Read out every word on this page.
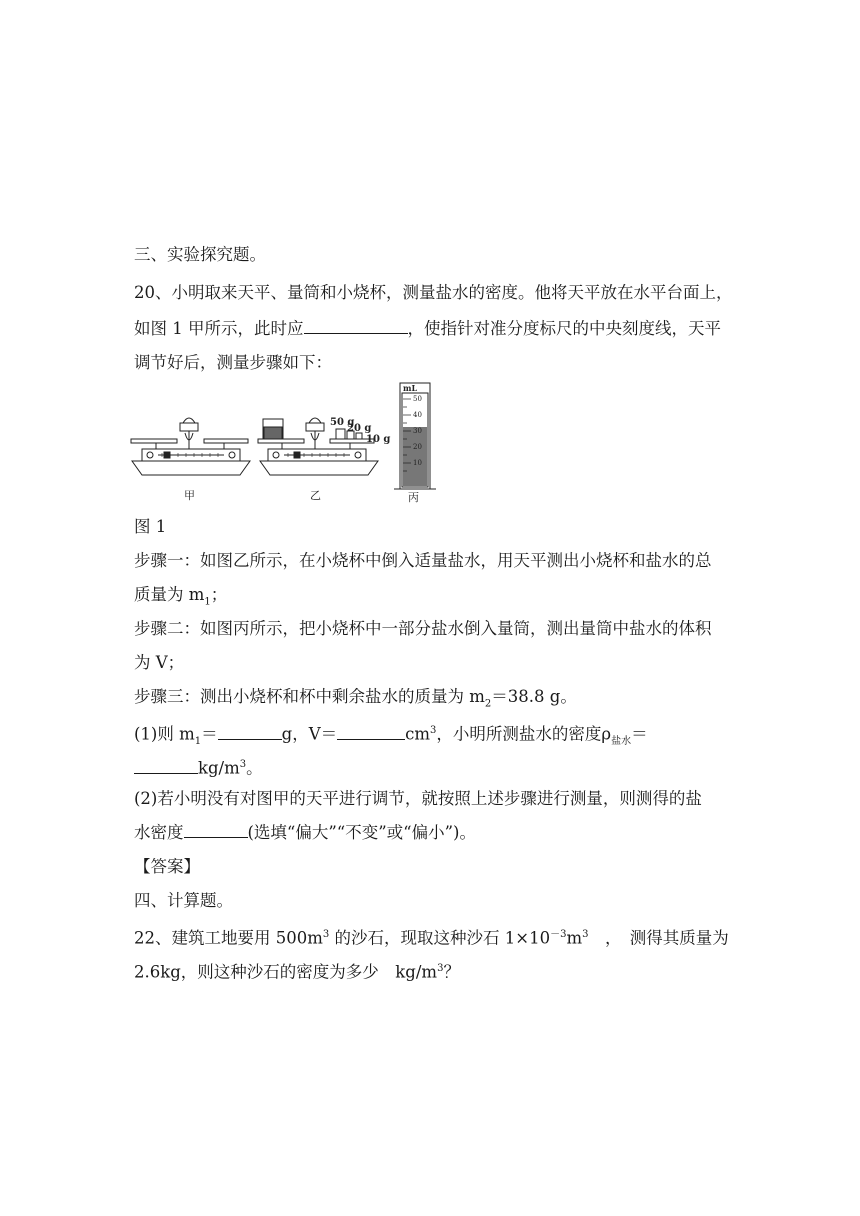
三、实验探究题。
20、小明取来天平、量筒和小烧杯，测量盐水的密度。他将天平放在水平台面上，
如图 1 甲所示，此时应	，使指针对准分度标尺的中央刻度线，天平
调节好后，测量步骤如下：
50 g
20 g
10 g
mL
50
40
30
20
10
甲	乙	丙
图 1
步骤一：如图乙所示，在小烧杯中倒入适量盐水，用天平测出小烧杯和盐水的总
质量为 $m_1$；
步骤二：如图丙所示，把小烧杯中一部分盐水倒入量筒，测出量筒中盐水的体积
为 V；
步骤三：测出小烧杯和杯中剩余盐水的质量为 $m_2=38.8$ g。
(1)则 $m_1=$	g，V＝	$cm^3$，小明所测盐水的密度$\rho_{盐水}=$
$kg/m^3$。
(2)若小明没有对图甲的天平进行调节，就按照上述步骤进行测量，则测得的盐
水密度	(选填“偏大”“不变”或“偏小”)。
【答案】
四、计算题。
22、建筑工地要用 $500m^3$ 的沙石，现取这种沙石 $1\times 10^{-3}m^3$　，　测得其质量为
2.6kg，则这种沙石的密度为多少　$kg/m^3$？
